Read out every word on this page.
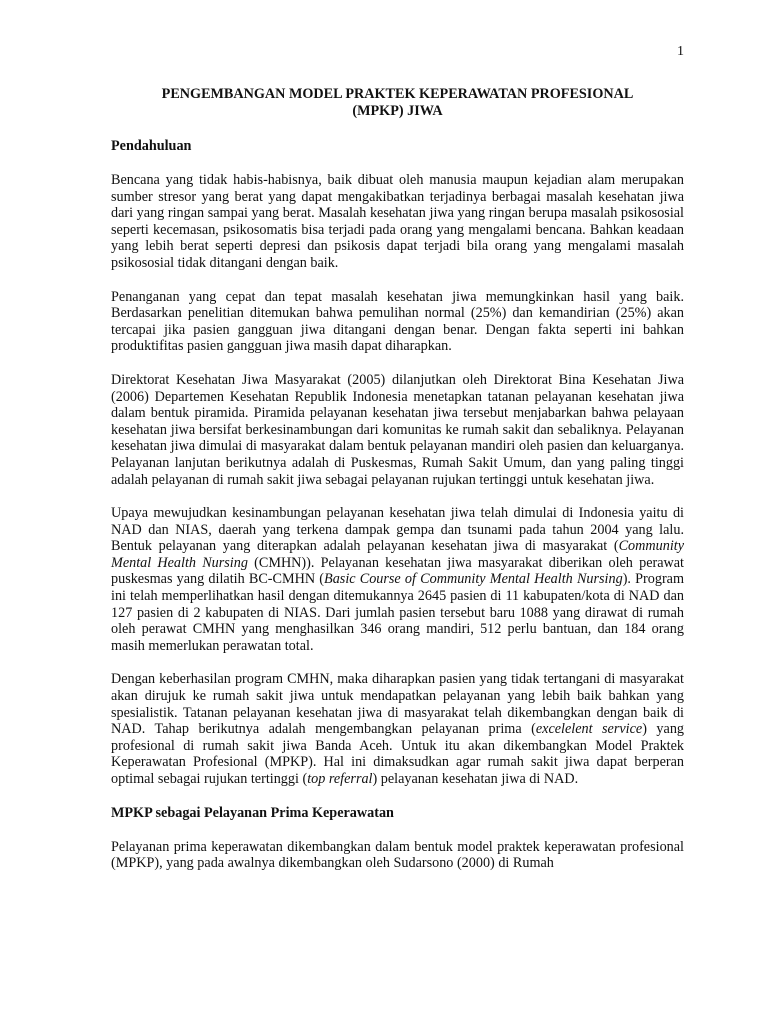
1
PENGEMBANGAN MODEL PRAKTEK KEPERAWATAN PROFESIONAL
(MPKP) JIWA
Pendahuluan

Bencana yang tidak habis-habisnya, baik dibuat oleh manusia maupun kejadian alam merupakan sumber stresor yang berat yang dapat mengakibatkan terjadinya berbagai masalah kesehatan jiwa dari yang ringan sampai yang berat. Masalah kesehatan jiwa yang ringan berupa masalah psikososial seperti kecemasan, psikosomatis bisa terjadi pada orang yang mengalami bencana. Bahkan keadaan yang lebih berat seperti depresi dan psikosis dapat terjadi bila orang yang mengalami masalah psikososial tidak ditangani dengan baik.

Penanganan yang cepat dan tepat masalah kesehatan jiwa memungkinkan hasil yang baik. Berdasarkan penelitian ditemukan bahwa pemulihan normal (25%) dan kemandirian (25%) akan tercapai jika pasien gangguan jiwa ditangani dengan benar. Dengan fakta seperti ini bahkan produktifitas pasien gangguan jiwa masih dapat diharapkan.

Direktorat Kesehatan Jiwa Masyarakat (2005) dilanjutkan oleh Direktorat Bina Kesehatan Jiwa (2006) Departemen Kesehatan Republik Indonesia menetapkan tatanan pelayanan kesehatan jiwa dalam bentuk piramida. Piramida pelayanan kesehatan jiwa tersebut menjabarkan bahwa pelayaan kesehatan jiwa bersifat berkesinambungan dari komunitas ke rumah sakit dan sebaliknya. Pelayanan kesehatan jiwa dimulai di masyarakat dalam bentuk pelayanan mandiri oleh pasien dan keluarganya. Pelayanan lanjutan berikutnya adalah di Puskesmas, Rumah Sakit Umum, dan yang paling tinggi adalah pelayanan di rumah sakit jiwa sebagai pelayanan rujukan tertinggi untuk kesehatan jiwa.

Upaya mewujudkan kesinambungan pelayanan kesehatan jiwa telah dimulai di Indonesia yaitu di NAD dan NIAS, daerah yang terkena dampak gempa dan tsunami pada tahun 2004 yang lalu. Bentuk pelayanan yang diterapkan adalah pelayanan kesehatan jiwa di masyarakat (Community Mental Health Nursing (CMHN)). Pelayanan kesehatan jiwa masyarakat diberikan oleh perawat puskesmas yang dilatih BC-CMHN (Basic Course of Community Mental Health Nursing). Program ini telah memperlihatkan hasil dengan ditemukannya 2645 pasien di 11 kabupaten/kota di NAD dan 127 pasien di 2 kabupaten di NIAS. Dari jumlah pasien tersebut baru 1088 yang dirawat di rumah oleh perawat CMHN yang menghasilkan 346 orang mandiri, 512 perlu bantuan, dan 184 orang masih memerlukan perawatan total.

Dengan keberhasilan program CMHN, maka diharapkan pasien yang tidak tertangani di masyarakat akan dirujuk ke rumah sakit jiwa untuk mendapatkan pelayanan yang lebih baik bahkan yang spesialistik. Tatanan pelayanan kesehatan jiwa di masyarakat telah dikembangkan dengan baik di NAD. Tahap berikutnya adalah mengembangkan pelayanan prima (excelelent service) yang profesional di rumah sakit jiwa Banda Aceh. Untuk itu akan dikembangkan Model Praktek Keperawatan Profesional (MPKP). Hal ini dimaksudkan agar rumah sakit jiwa dapat berperan optimal sebagai rujukan tertinggi (top referral) pelayanan kesehatan jiwa di NAD.

MPKP sebagai Pelayanan Prima Keperawatan

Pelayanan prima keperawatan dikembangkan dalam bentuk model praktek keperawatan profesional (MPKP), yang pada awalnya dikembangkan oleh Sudarsono (2000) di Rumah
